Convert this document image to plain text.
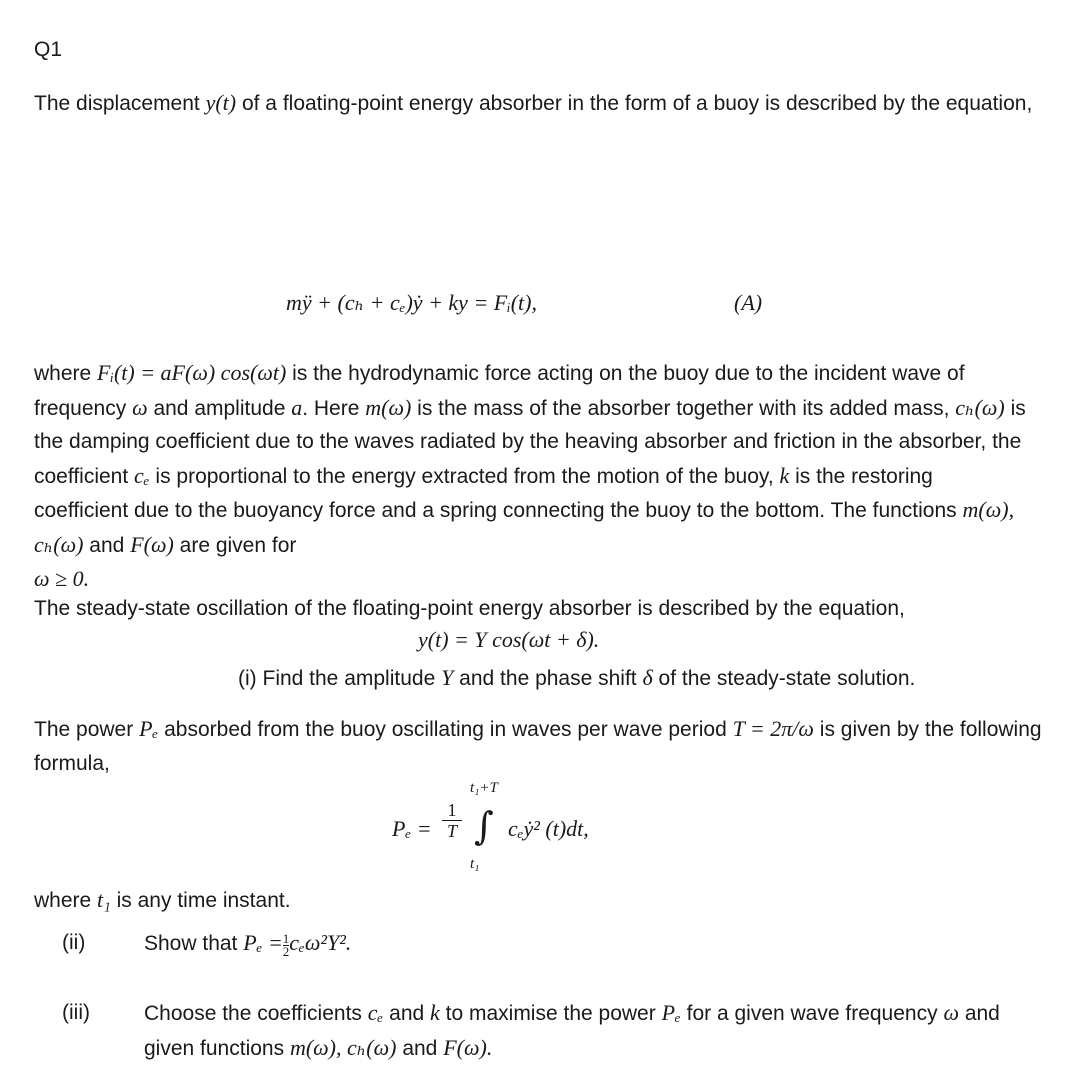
Q1
The displacement y(t) of a floating-point energy absorber in the form of a buoy is described by the equation,
mÿ + (cₕ + cₑ)ẏ + ky = Fᵢ(t),	(A)
where Fᵢ(t) = aF(ω) cos(ωt) is the hydrodynamic force acting on the buoy due to the incident wave of frequency ω and amplitude a. Here m(ω) is the mass of the absorber together with its added mass, cₕ(ω) is the damping coefficient due to the waves radiated by the heaving absorber and friction in the absorber, the coefficient cₑ is proportional to the energy extracted from the motion of the buoy, k is the restoring coefficient due to the buoyancy force and a spring connecting the buoy to the bottom. The functions m(ω), cₕ(ω) and F(ω) are given for
ω ≥ 0.
The steady-state oscillation of the floating-point energy absorber is described by the equation,
y(t) = Y cos(ωt + δ).
(i) Find the amplitude Y and the phase shift δ of the steady-state solution.
The power Pₑ absorbed from the buoy oscillating in waves per wave period T = 2π/ω is given by the following formula,
$P_e = \frac{1}{T}$
t₁+T
∫
t₁
cₑẏ² (t)dt,
where t₁ is any time instant.
(ii)	Show that $P_e = \frac{1}{2} c_e\omega^2Y^2$.
(iii)	Choose the coefficients cₑ and k to maximise the power Pₑ for a given wave frequency ω and given functions m(ω), cₕ(ω) and F(ω).
